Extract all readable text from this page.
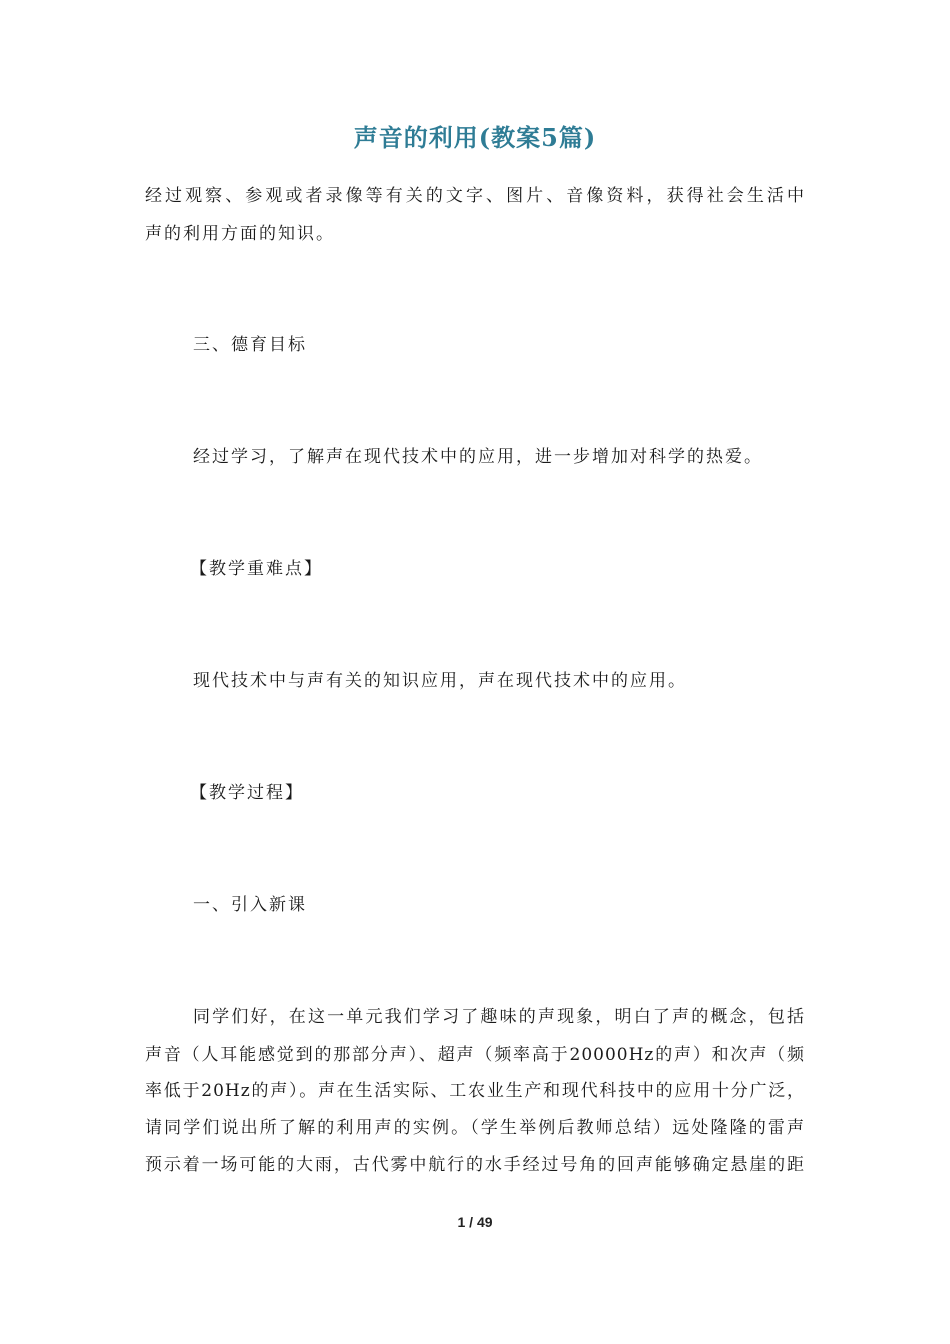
声音的利用(教案5篇)
经过观察、参观或者录像等有关的文字、图片、音像资料，获得社会生活中
声的利用方面的知识。
三、德育目标
经过学习，了解声在现代技术中的应用，进一步增加对科学的热爱。
【教学重难点】
现代技术中与声有关的知识应用，声在现代技术中的应用。
【教学过程】
一、引入新课
同学们好，在这一单元我们学习了趣味的声现象，明白了声的概念，包括
声音（人耳能感觉到的那部分声）、超声（频率高于20000Hz的声）和次声（频
率低于20Hz的声）。声在生活实际、工农业生产和现代科技中的应用十分广泛，
请同学们说出所了解的利用声的实例。（学生举例后教师总结）远处隆隆的雷声
预示着一场可能的大雨，古代雾中航行的水手经过号角的回声能够确定悬崖的距
1 / 49
